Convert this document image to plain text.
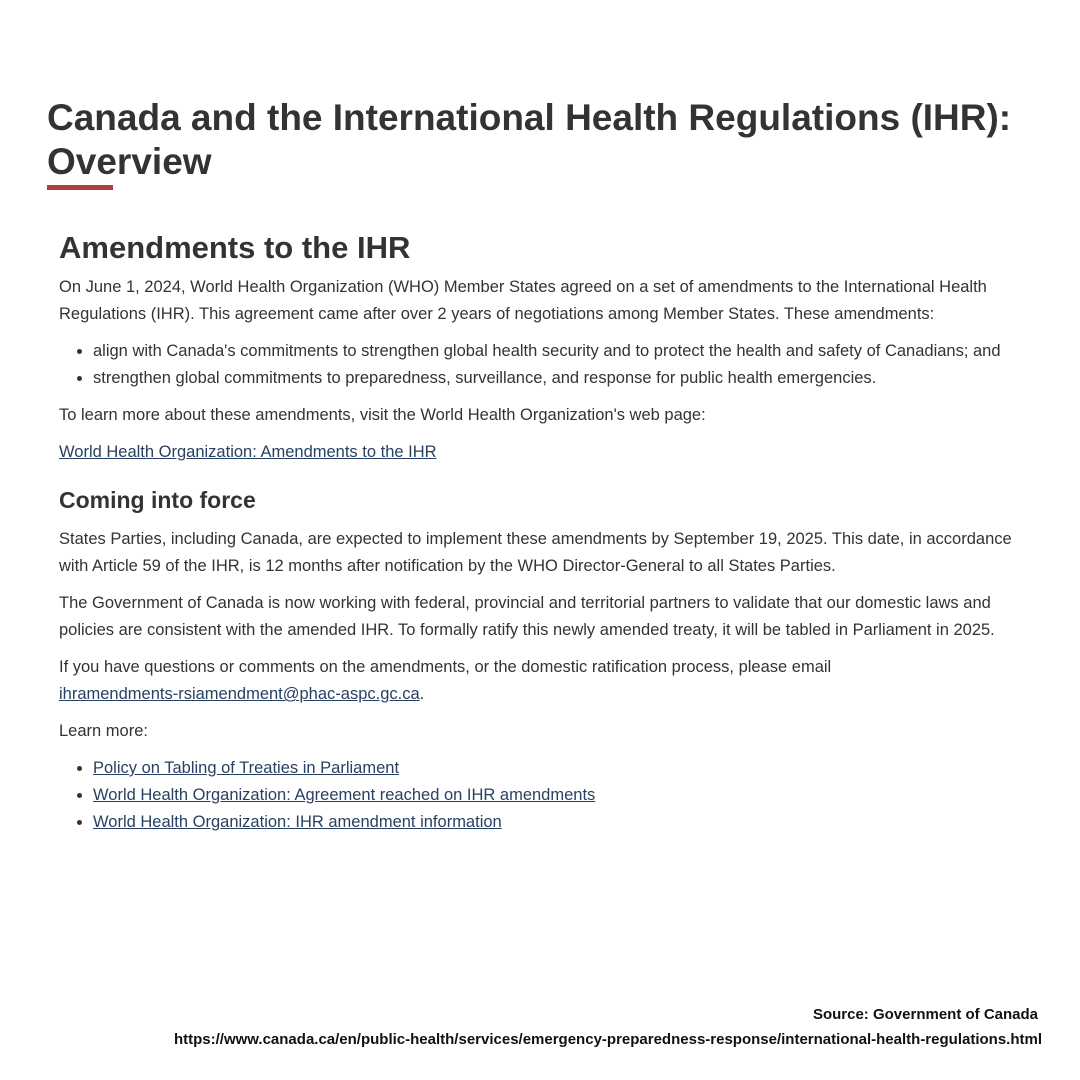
Canada and the International Health Regulations (IHR):
Overview
Amendments to the IHR

On June 1, 2024, World Health Organization (WHO) Member States agreed on a set of amendments to the International Health Regulations (IHR). This agreement came after over 2 years of negotiations among Member States. These amendments:

• align with Canada's commitments to strengthen global health security and to protect the health and safety of Canadians; and
• strengthen global commitments to preparedness, surveillance, and response for public health emergencies.

To learn more about these amendments, visit the World Health Organization's web page:

World Health Organization: Amendments to the IHR

Coming into force

States Parties, including Canada, are expected to implement these amendments by September 19, 2025. This date, in accordance with Article 59 of the IHR, is 12 months after notification by the WHO Director-General to all States Parties.

The Government of Canada is now working with federal, provincial and territorial partners to validate that our domestic laws and policies are consistent with the amended IHR. To formally ratify this newly amended treaty, it will be tabled in Parliament in 2025.

If you have questions or comments on the amendments, or the domestic ratification process, please email
ihramendments-rsiamendment@phac-aspc.gc.ca.

Learn more:

• Policy on Tabling of Treaties in Parliament
• World Health Organization: Agreement reached on IHR amendments
• World Health Organization: IHR amendment information
Source: Government of Canada
https://www.canada.ca/en/public-health/services/emergency-preparedness-response/international-health-regulations.html
